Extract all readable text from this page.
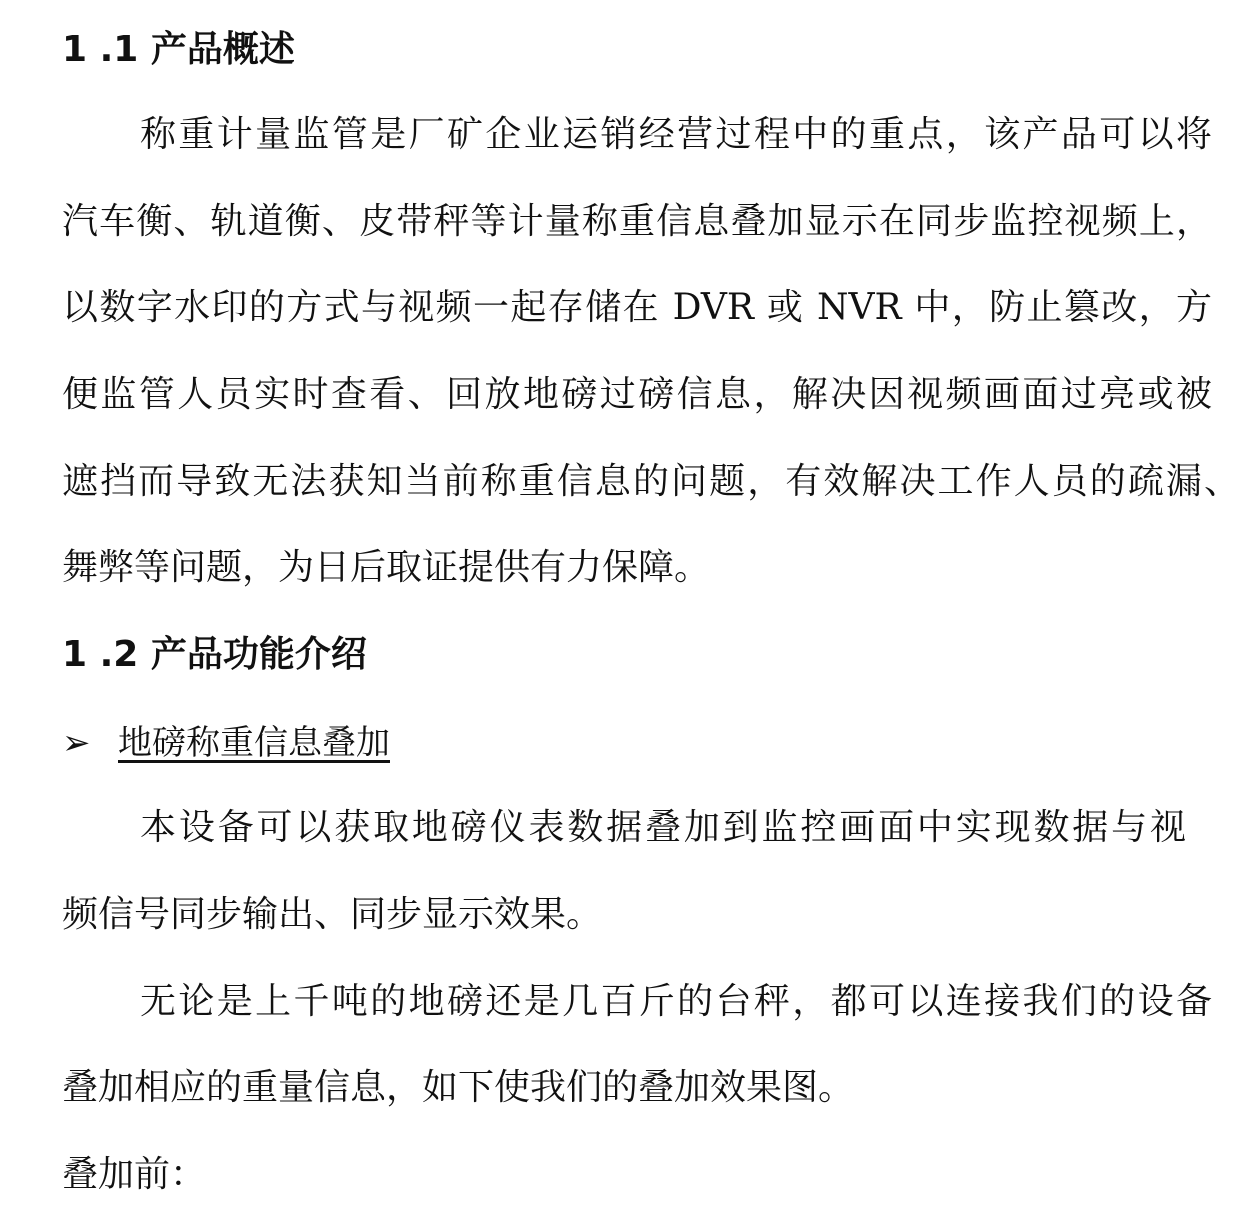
1 .1 产品概述
称重计量监管是厂矿企业运销经营过程中的重点，该产品可以将
汽车衡、轨道衡、皮带秤等计量称重信息叠加显示在同步监控视频上，
以数字水印的方式与视频一起存储在 DVR 或 NVR 中，防止篡改，方
便监管人员实时查看、回放地磅过磅信息，解决因视频画面过亮或被
遮挡而导致无法获知当前称重信息的问题，有效解决工作人员的疏漏、
舞弊等问题，为日后取证提供有力保障。
1 .2 产品功能介绍
➢ 地磅称重信息叠加
本设备可以获取地磅仪表数据叠加到监控画面中实现数据与视
频信号同步输出、同步显示效果。
无论是上千吨的地磅还是几百斤的台秤，都可以连接我们的设备
叠加相应的重量信息，如下使我们的叠加效果图。
叠加前：
